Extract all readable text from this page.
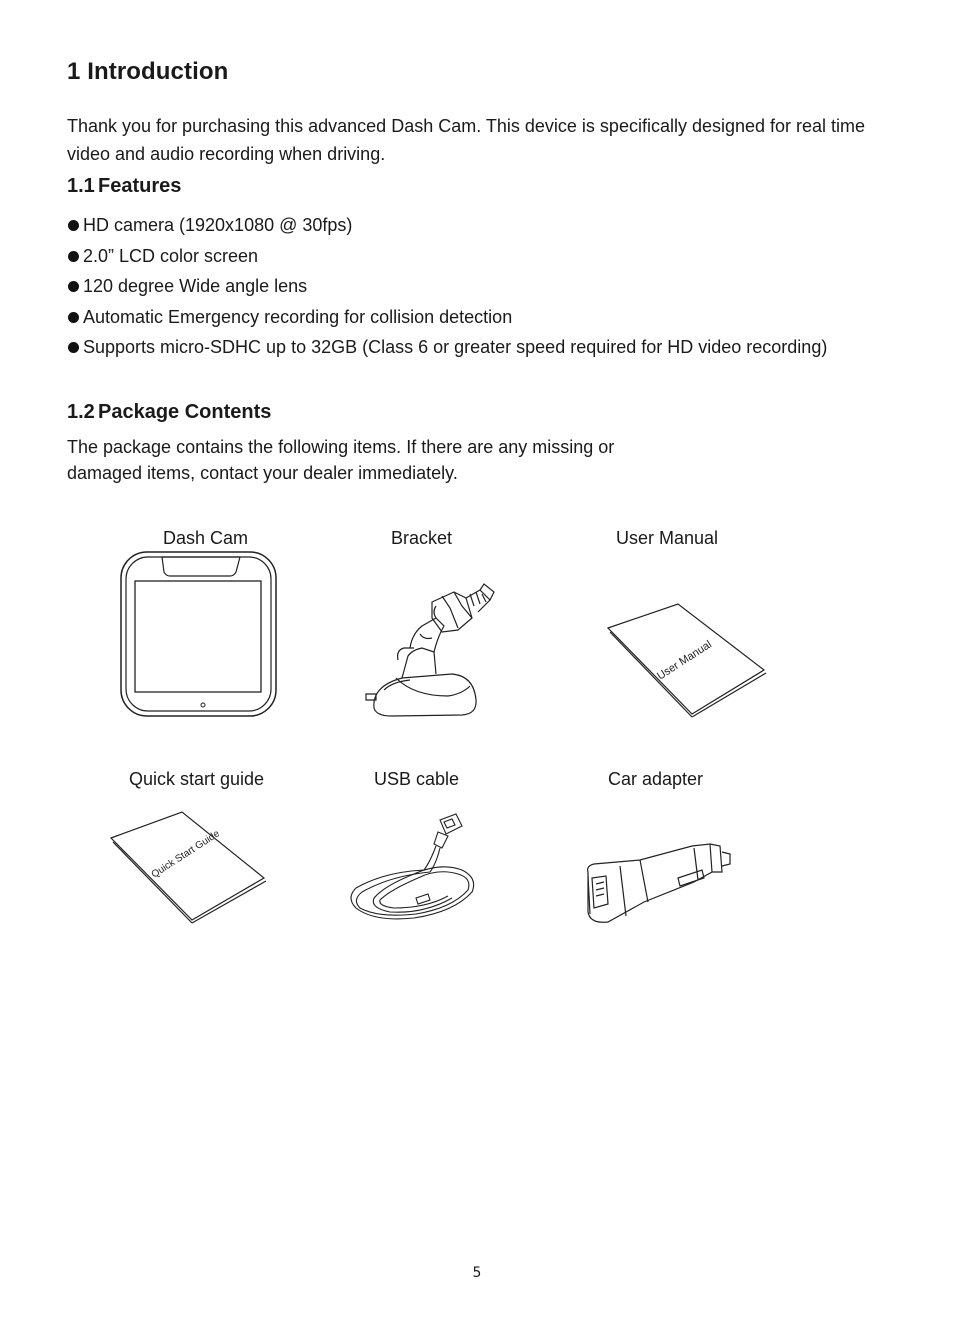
1 Introduction

Thank you for purchasing this advanced Dash Cam. This device is specifically designed for real time video and audio recording when driving.

1.1 Features
HD camera (1920x1080 @ 30fps)
2.0” LCD color screen
120 degree Wide angle lens
Automatic Emergency recording for collision detection
Supports micro-SDHC up to 32GB (Class 6 or greater speed required for HD video recording)
1.2 Package Contents

The package contains the following items. If there are any missing or damaged items, contact your dealer immediately.

Dash Cam	Bracket	User Manual
User Manual
Quick start guide	USB cable	Car adapter
Quick Start Guide
5
